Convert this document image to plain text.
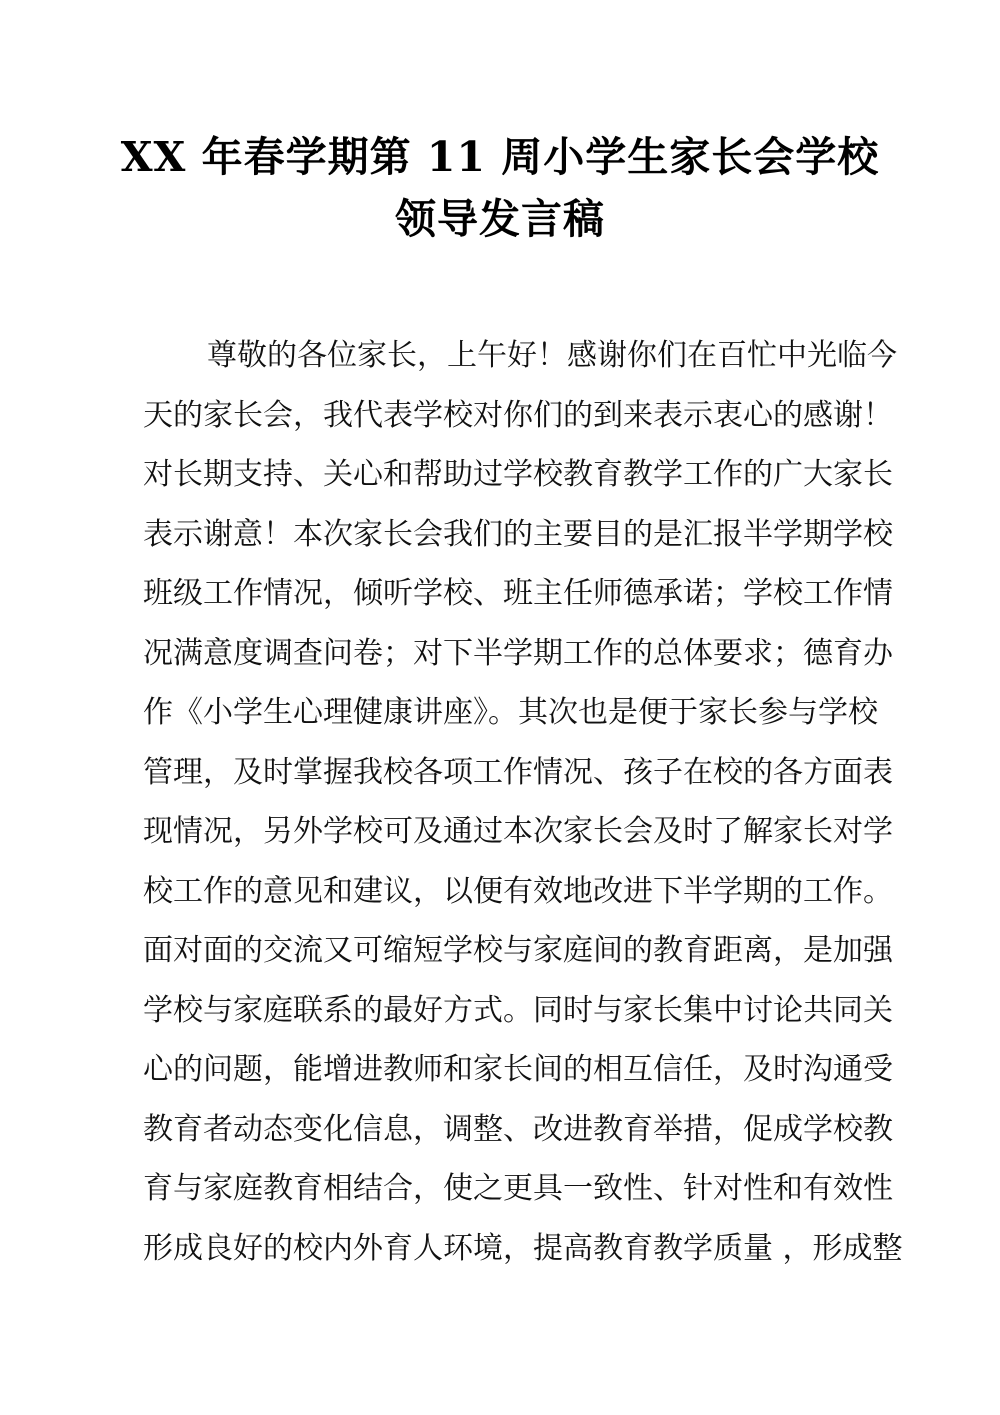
XX 年春学期第 11 周小学生家长会学校
领导发言稿
尊敬的各位家长，上午好！感谢你们在百忙中光临今
天的家长会，我代表学校对你们的到来表示衷心的感谢！
对长期支持、关心和帮助过学校教育教学工作的广大家长
表示谢意！本次家长会我们的主要目的是汇报半学期学校
班级工作情况，倾听学校、班主任师德承诺；学校工作情
况满意度调查问卷；对下半学期工作的总体要求；德育办
作《小学生心理健康讲座》。其次也是便于家长参与学校
管理，及时掌握我校各项工作情况、孩子在校的各方面表
现情况，另外学校可及通过本次家长会及时了解家长对学
校工作的意见和建议，以便有效地改进下半学期的工作。
面对面的交流又可缩短学校与家庭间的教育距离，是加强
学校与家庭联系的最好方式。同时与家长集中讨论共同关
心的问题，能增进教师和家长间的相互信任，及时沟通受
教育者动态变化信息，调整、改进教育举措，促成学校教
育与家庭教育相结合，使之更具一致性、针对性和有效性
形成良好的校内外育人环境，提高教育教学质量 ，形成整
